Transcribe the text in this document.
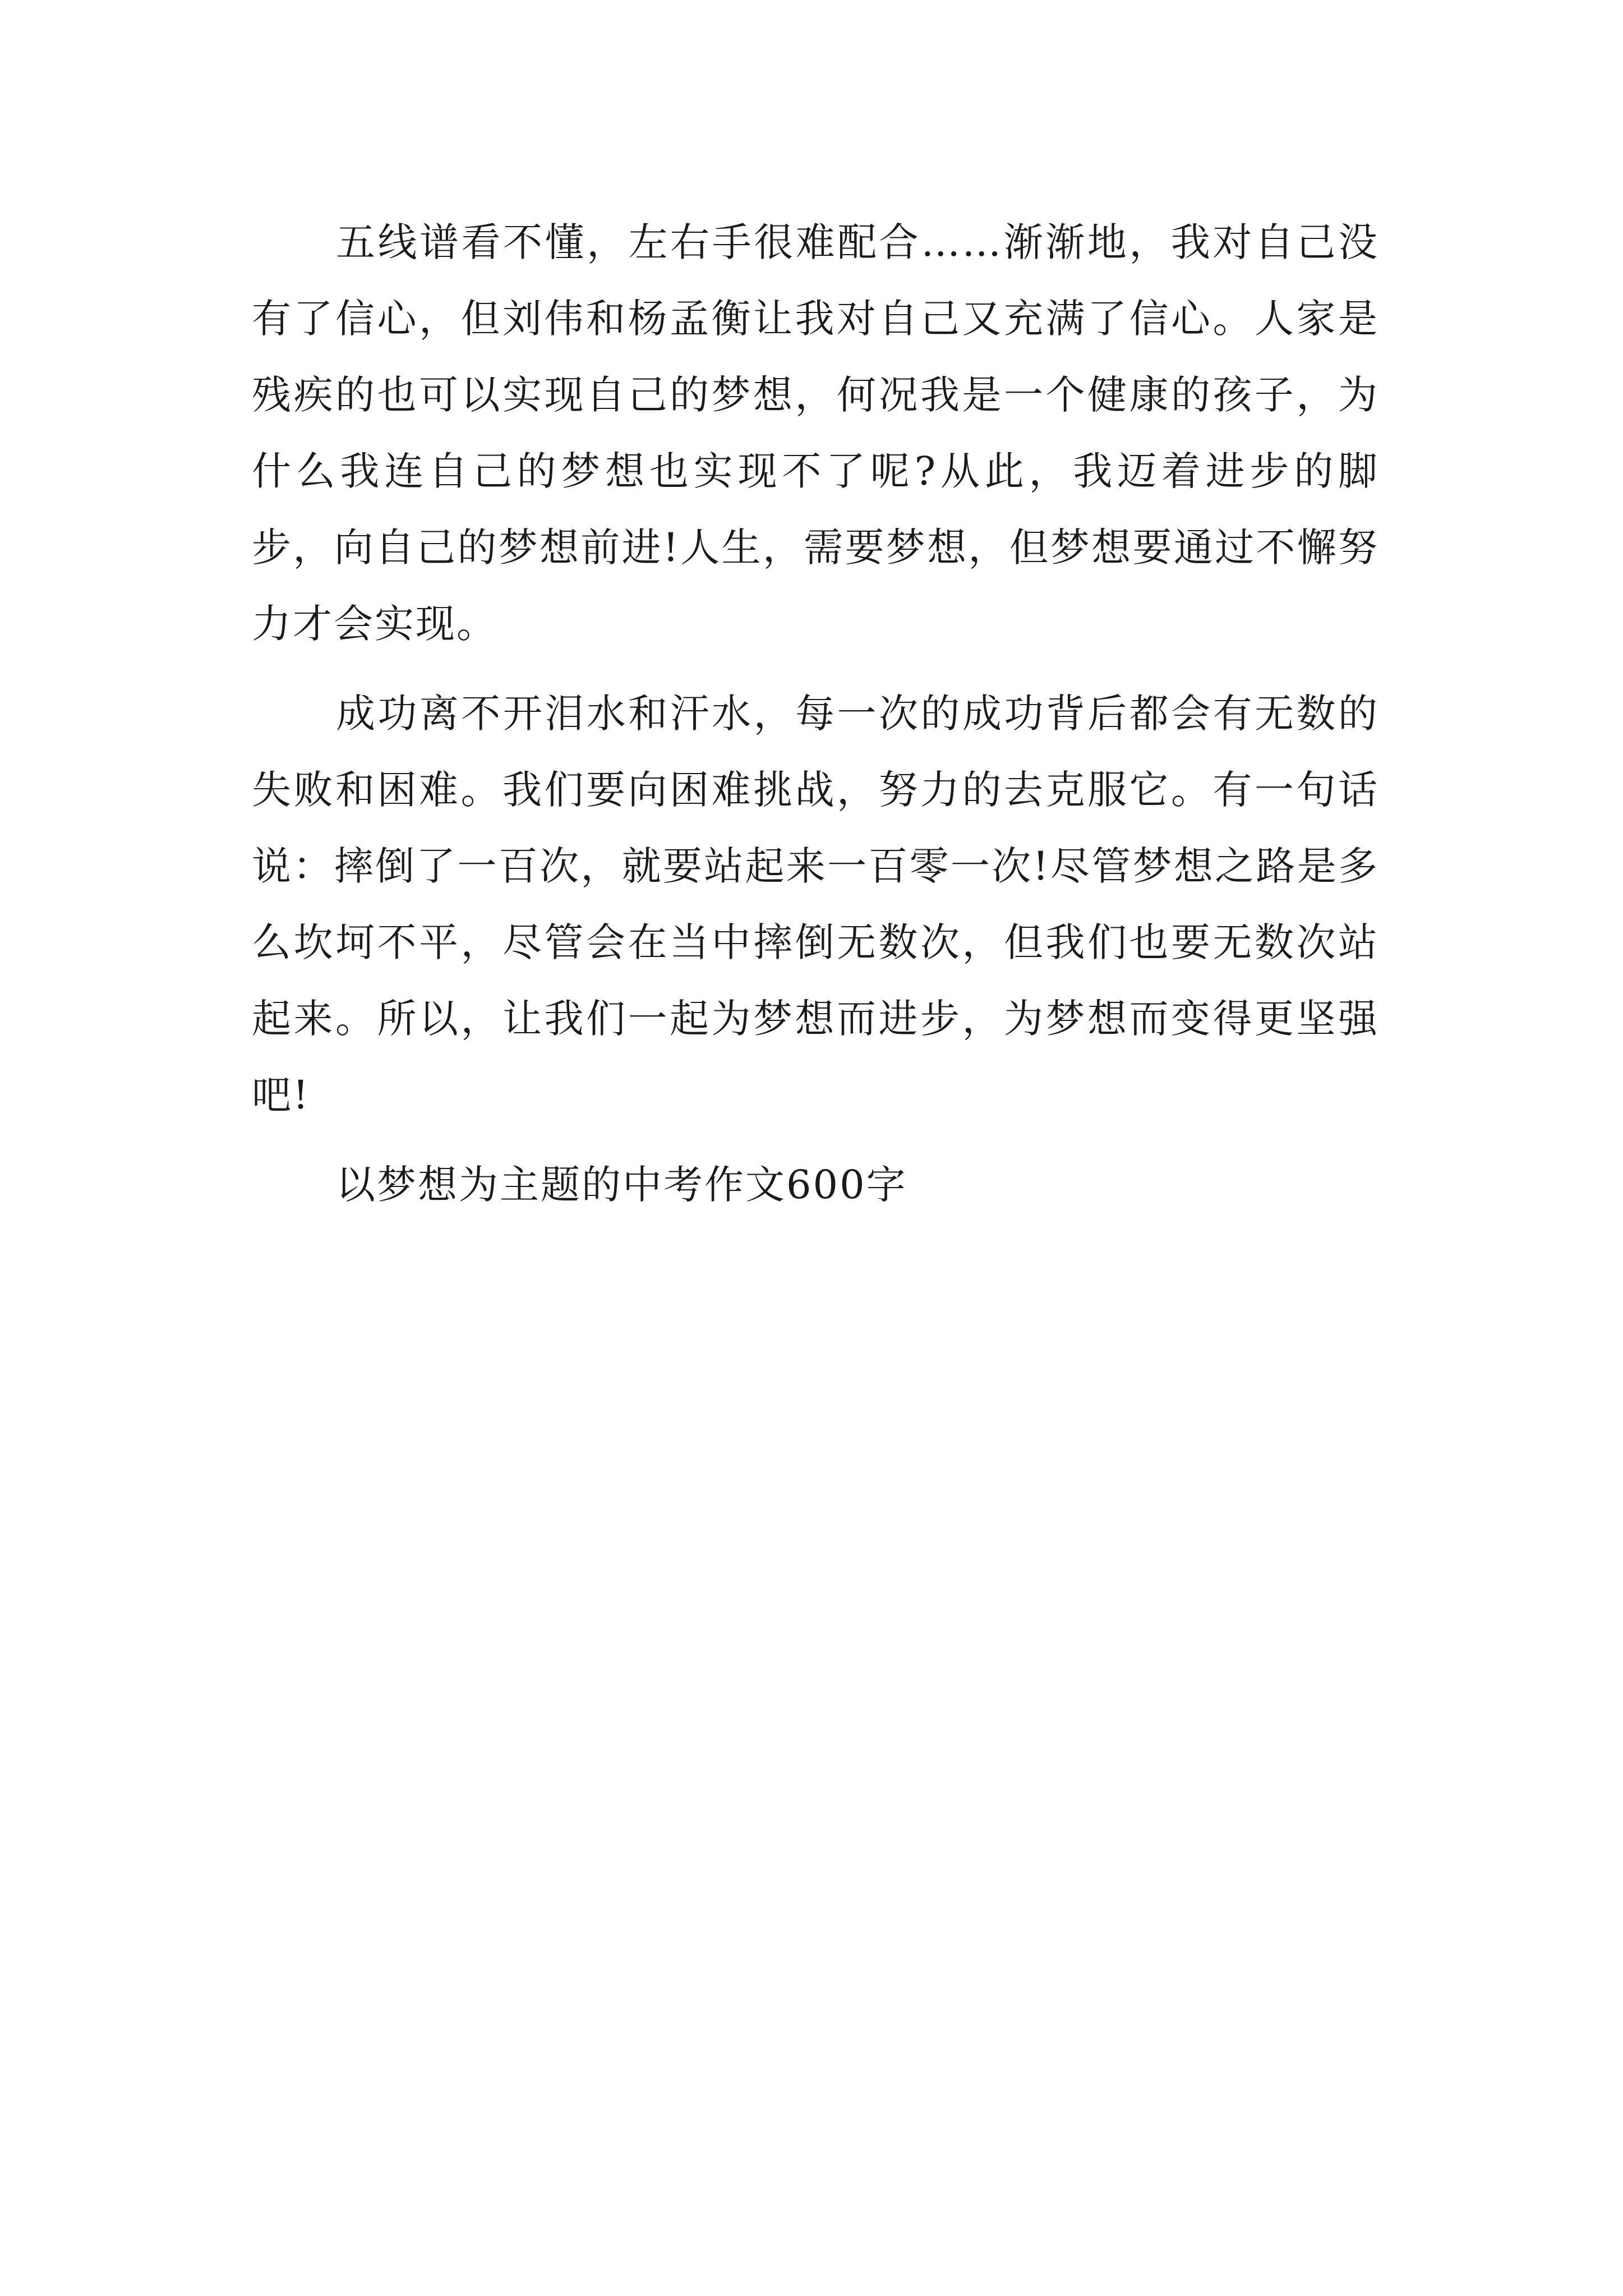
五线谱看不懂，左右手很难配合……渐渐地，我对自己没有了信心，但刘伟和杨孟衡让我对自己又充满了信心。人家是残疾的也可以实现自己的梦想，何况我是一个健康的孩子，为什么我连自己的梦想也实现不了呢?从此，我迈着进步的脚步，向自己的梦想前进!人生，需要梦想，但梦想要通过不懈努力才会实现。

成功离不开泪水和汗水，每一次的成功背后都会有无数的失败和困难。我们要向困难挑战，努力的去克服它。有一句话说：摔倒了一百次，就要站起来一百零一次!尽管梦想之路是多么坎坷不平，尽管会在当中摔倒无数次，但我们也要无数次站起来。所以，让我们一起为梦想而进步，为梦想而变得更坚强吧!

以梦想为主题的中考作文600字
